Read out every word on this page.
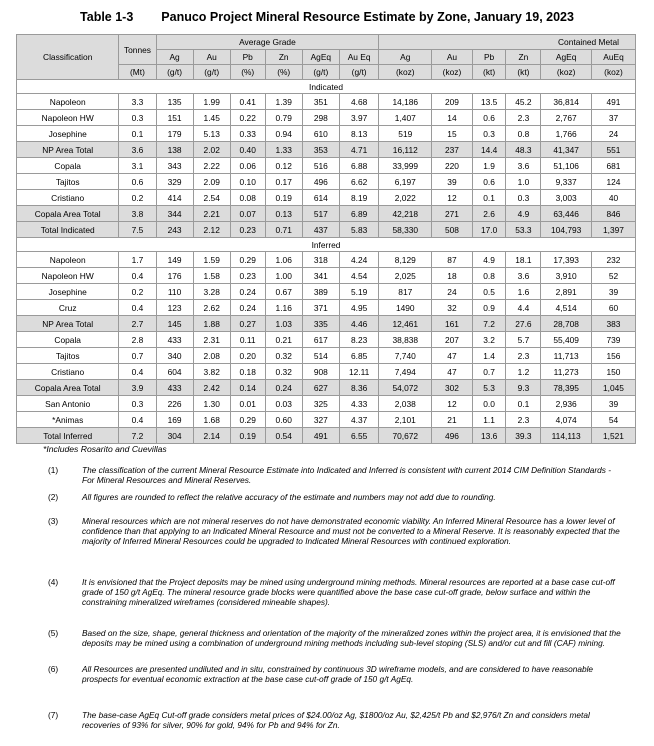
Table 1-3 Panuco Project Mineral Resource Estimate by Zone, January 19, 2023
Classification	Tonnes	Average Grade						Contained Metal					
		Ag	Au	Pb	Zn	AgEq	Au Eq	Ag	Au	Pb	Zn	AgEq	AuEq
	(Mt)	(g/t)	(g/t)	(%)	(%)	(g/t)	(g/t)	(koz)	(koz)	(kt)	(kt)	(koz)	(koz)
Indicated													
Napoleon	3.3	135	1.99	0.41	1.39	351	4.68	14,186	209	13.5	45.2	36,814	491
Napoleon HW	0.3	151	1.45	0.22	0.79	298	3.97	1,407	14	0.6	2.3	2,767	37
Josephine	0.1	179	5.13	0.33	0.94	610	8.13	519	15	0.3	0.8	1,766	24
NP Area Total	3.6	138	2.02	0.40	1.33	353	4.71	16,112	237	14.4	48.3	41,347	551
Copala	3.1	343	2.22	0.06	0.12	516	6.88	33,999	220	1.9	3.6	51,106	681
Tajitos	0.6	329	2.09	0.10	0.17	496	6.62	6,197	39	0.6	1.0	9,337	124
Cristiano	0.2	414	2.54	0.08	0.19	614	8.19	2,022	12	0.1	0.3	3,003	40
Copala Area Total	3.8	344	2.21	0.07	0.13	517	6.89	42,218	271	2.6	4.9	63,446	846
Total Indicated	7.5	243	2.12	0.23	0.71	437	5.83	58,330	508	17.0	53.3	104,793	1,397
Inferred													
Napoleon	1.7	149	1.59	0.29	1.06	318	4.24	8,129	87	4.9	18.1	17,393	232
Napoleon HW	0.4	176	1.58	0.23	1.00	341	4.54	2,025	18	0.8	3.6	3,910	52
Josephine	0.2	110	3.28	0.24	0.67	389	5.19	817	24	0.5	1.6	2,891	39
Cruz	0.4	123	2.62	0.24	1.16	371	4.95	1490	32	0.9	4.4	4,514	60
NP Area Total	2.7	145	1.88	0.27	1.03	335	4.46	12,461	161	7.2	27.6	28,708	383
Copala	2.8	433	2.31	0.11	0.21	617	8.23	38,838	207	3.2	5.7	55,409	739
Tajitos	0.7	340	2.08	0.20	0.32	514	6.85	7,740	47	1.4	2.3	11,713	156
Cristiano	0.4	604	3.82	0.18	0.32	908	12.11	7,494	47	0.7	1.2	11,273	150
Copala Area Total	3.9	433	2.42	0.14	0.24	627	8.36	54,072	302	5.3	9.3	78,395	1,045
San Antonio	0.3	226	1.30	0.01	0.03	325	4.33	2,038	12	0.0	0.1	2,936	39
*Animas	0.4	169	1.68	0.29	0.60	327	4.37	2,101	21	1.1	2.3	4,074	54
Total Inferred	7.2	304	2.14	0.19	0.54	491	6.55	70,672	496	13.6	39.3	114,113	1,521
*Includes Rosarito and Cuevillas
(1)	The classification of the current Mineral Resource Estimate into Indicated and Inferred is consistent with current 2014 CIM Definition Standards - For Mineral Resources and Mineral Reserves.
(2)	All figures are rounded to reflect the relative accuracy of the estimate and numbers may not add due to rounding.
(3)	Mineral resources which are not mineral reserves do not have demonstrated economic viability. An Inferred Mineral Resource has a lower level of confidence than that applying to an Indicated Mineral Resource and must not be converted to a Mineral Reserve. It is reasonably expected that the majority of Inferred Mineral Resources could be upgraded to Indicated Mineral Resources with continued exploration.
(4)	It is envisioned that the Project deposits may be mined using underground mining methods. Mineral resources are reported at a base case cut-off grade of 150 g/t AgEq. The mineral resource grade blocks were quantified above the base case cut-off grade, below surface and within the constraining mineralized wireframes (considered mineable shapes).
(5)	Based on the size, shape, general thickness and orientation of the majority of the mineralized zones within the project area, it is envisioned that the deposits may be mined using a combination of underground mining methods including sub-level stoping (SLS) and/or cut and fill (CAF) mining.
(6)	All Resources are presented undiluted and in situ, constrained by continuous 3D wireframe models, and are considered to have reasonable prospects for eventual economic extraction at the base case cut-off grade of 150 g/t AgEq.
(7)	The base-case AgEq Cut-off grade considers metal prices of $24.00/oz Ag, $1800/oz Au, $2,425/t Pb and $2,976/t Zn and considers metal recoveries of 93% for silver, 90% for gold, 94% for Pb and 94% for Zn.
